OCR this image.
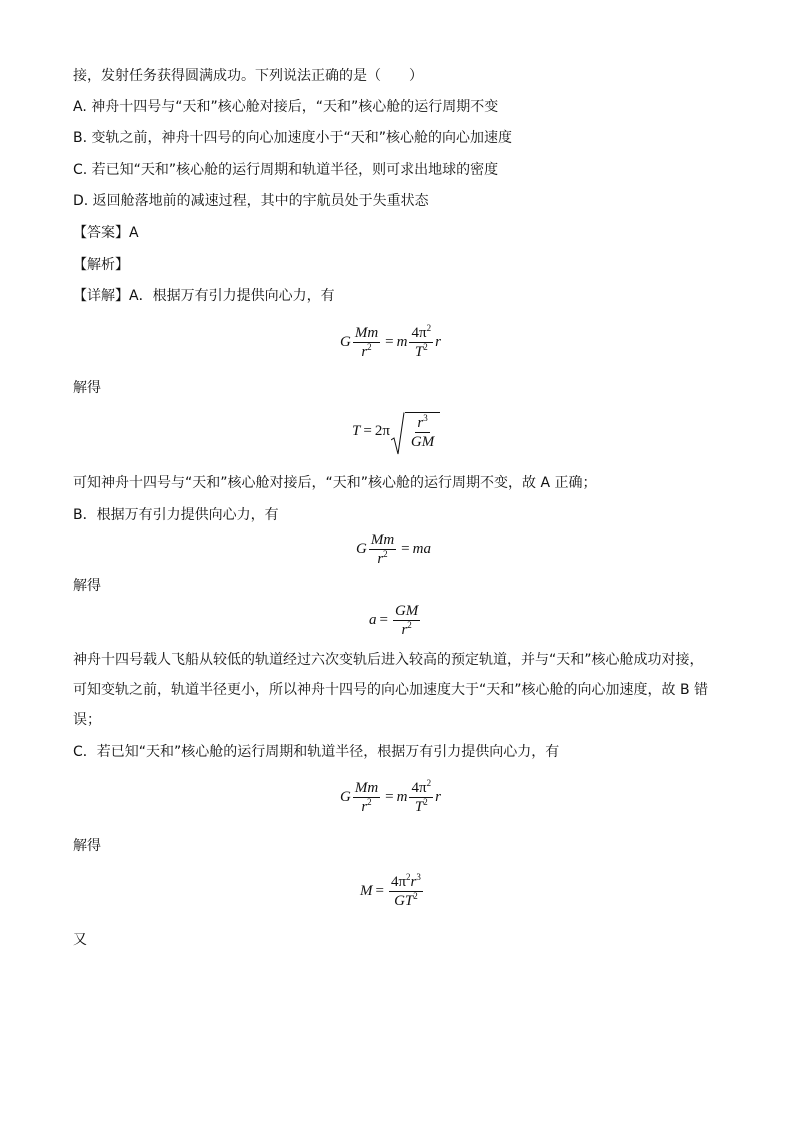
接，发射任务获得圆满成功。下列说法正确的是（　　）
A. 神舟十四号与“天和”核心舱对接后，“天和”核心舱的运行周期不变
B. 变轨之前，神舟十四号的向心加速度小于“天和”核心舱的向心加速度
C. 若已知“天和”核心舱的运行周期和轨道半径，则可求出地球的密度
D. 返回舱落地前的减速过程，其中的宇航员处于失重状态
【答案】A
【解析】
【详解】A．根据万有引力提供向心力，有
G $\frac{Mm}{r^2} = m \frac{4\pi^2}{T^2}$ r
解得
T = 2 π $\frac{r^3}{GM}$
可知神舟十四号与“天和”核心舱对接后，“天和”核心舱的运行周期不变，故 A 正确；
B．根据万有引力提供向心力，有
G $\frac{Mm}{r^2}$ = ma
解得
$a = \frac{GM}{r^2}$
神舟十四号载人飞船从较低的轨道经过六次变轨后进入较高的预定轨道，并与“天和”核心舱成功对接，
可知变轨之前，轨道半径更小，所以神舟十四号的向心加速度大于“天和”核心舱的向心加速度，故 B 错
误；
C．若已知“天和”核心舱的运行周期和轨道半径，根据万有引力提供向心力，有
G $\frac{Mm}{r^2} = m \frac{4\pi^2}{T^2}$ r
解得
$M = \frac{4\pi^2r^3}{GT^2}$
又
